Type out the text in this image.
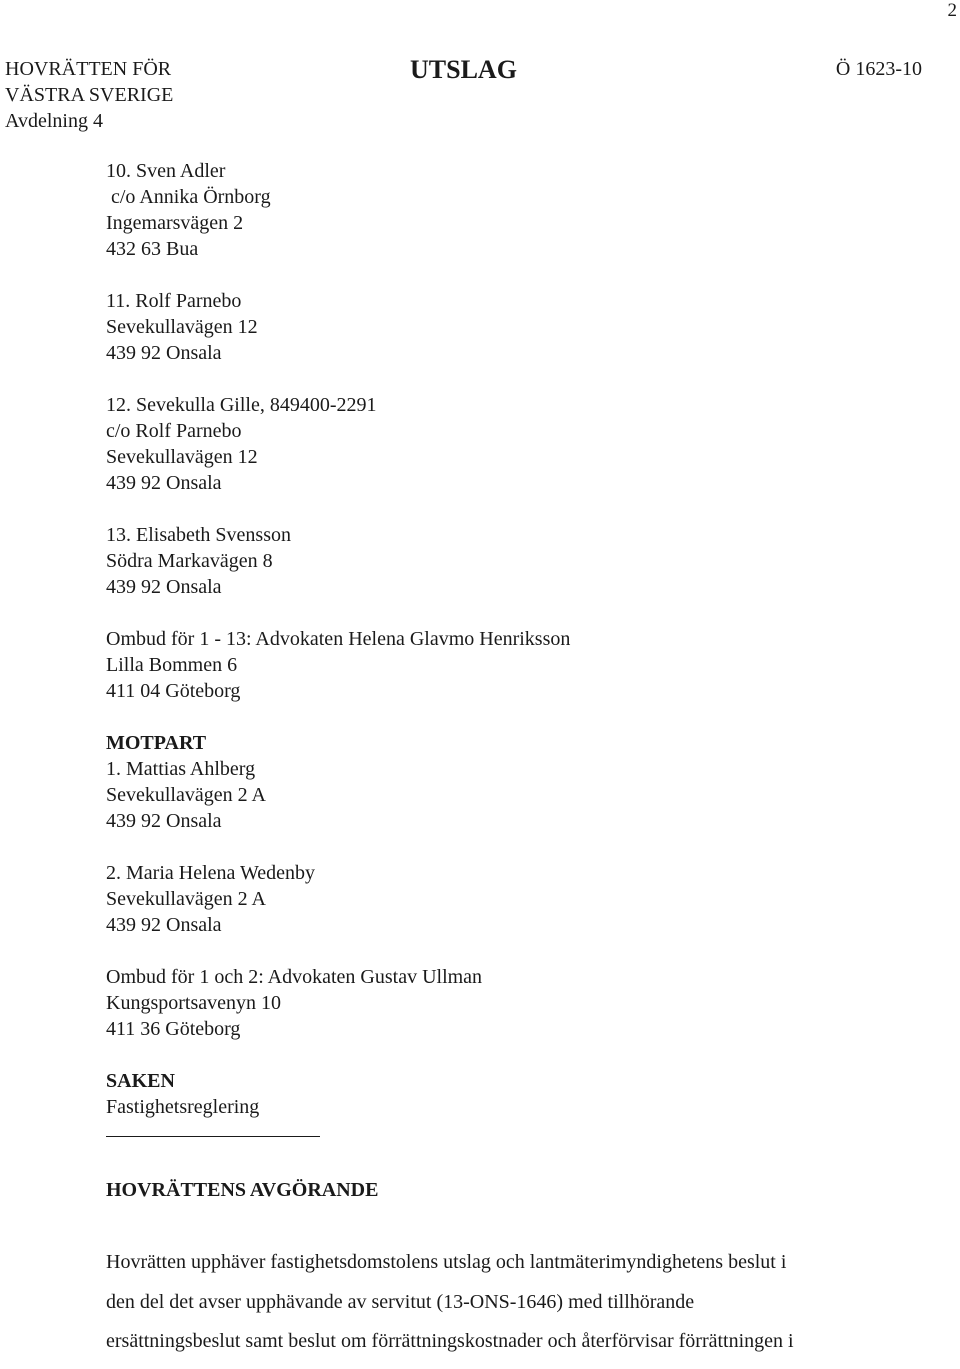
2
HOVRÄTTEN FÖR
VÄSTRA SVERIGE
Avdelning 4
UTSLAG	Ö 1623-10
10. Sven Adler
c/o Annika Örnborg
Ingemarsvägen 2
432 63 Bua
11. Rolf Parnebo
Sevekullavägen 12
439 92 Onsala
12. Sevekulla Gille, 849400-2291
c/o Rolf Parnebo
Sevekullavägen 12
439 92 Onsala
13. Elisabeth Svensson
Södra Markavägen 8
439 92 Onsala
Ombud för 1 - 13: Advokaten Helena Glavmo Henriksson
Lilla Bommen 6
411 04 Göteborg
MOTPART
1. Mattias Ahlberg
Sevekullavägen 2 A
439 92 Onsala
2. Maria Helena Wedenby
Sevekullavägen 2 A
439 92 Onsala
Ombud för 1 och 2: Advokaten Gustav Ullman
Kungsportsavenyn 10
411 36 Göteborg
SAKEN
Fastighetsreglering
HOVRÄTTENS AVGÖRANDE
Hovrätten upphäver fastighetsdomstolens utslag och lantmäterimyndighetens beslut i
den del det avser upphävande av servitut (13-ONS-1646) med tillhörande
ersättningsbeslut samt beslut om förrättningskostnader och återförvisar förrättningen i
